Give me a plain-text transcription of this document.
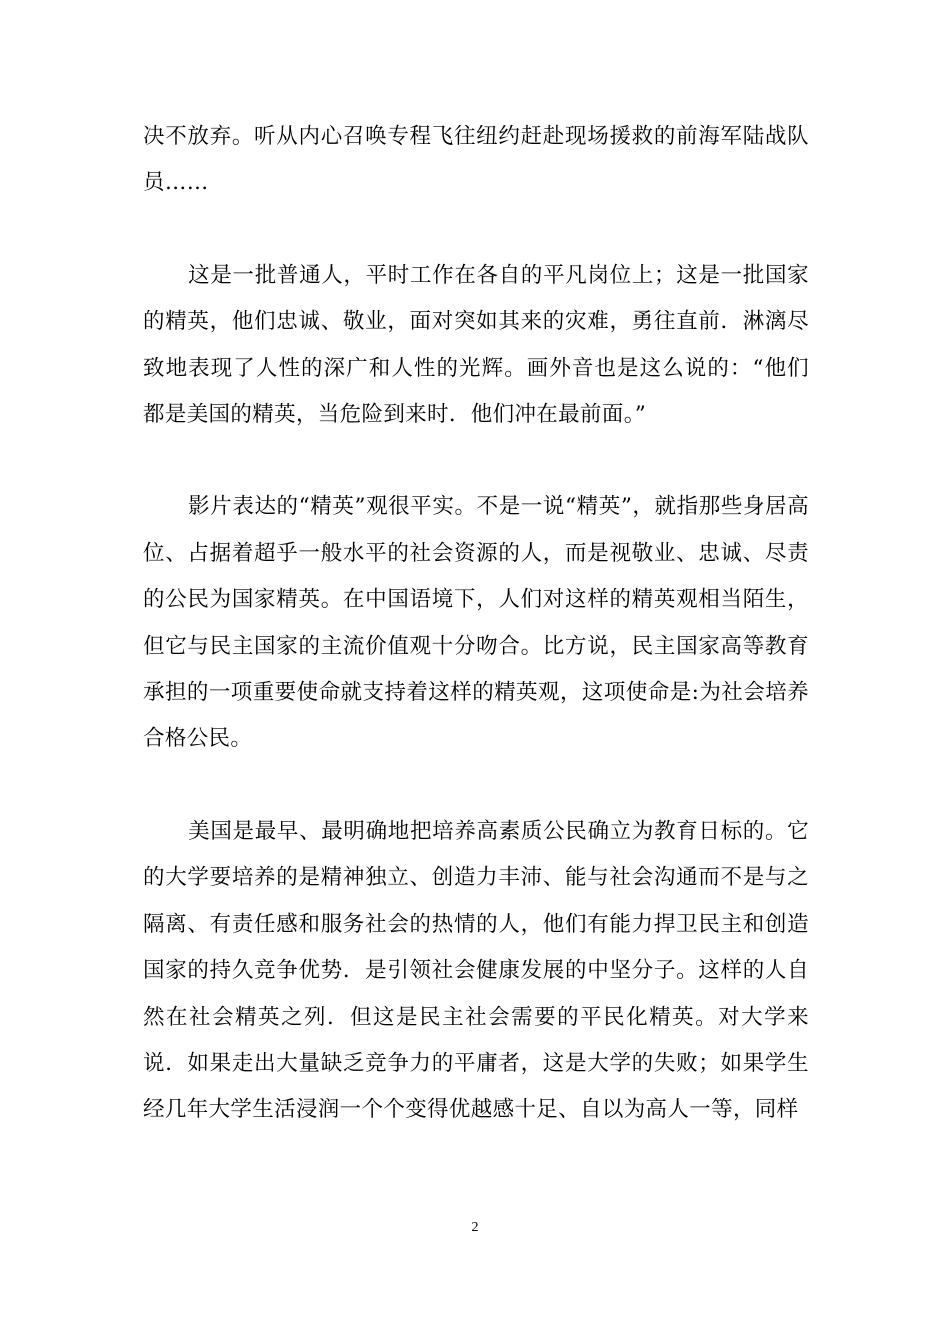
决不放弃。听从内心召唤专程飞往纽约赶赴现场援救的前海军陆战队员……

这是一批普通人，平时工作在各自的平凡岗位上；这是一批国家的精英，他们忠诚、敬业，面对突如其来的灾难，勇往直前．淋漓尽致地表现了人性的深广和人性的光辉。画外音也是这么说的：“他们都是美国的精英，当危险到来时．他们冲在最前面。”

影片表达的“精英”观很平实。不是一说“精英”，就指那些身居高位、占据着超乎一般水平的社会资源的人，而是视敬业、忠诚、尽责的公民为国家精英。在中国语境下，人们对这样的精英观相当陌生，但它与民主国家的主流价值观十分吻合。比方说，民主国家高等教育承担的一项重要使命就支持着这样的精英观，这项使命是:为社会培养合格公民。

美国是最早、最明确地把培养高素质公民确立为教育日标的。它的大学要培养的是精神独立、创造力丰沛、能与社会沟通而不是与之隔离、有责任感和服务社会的热情的人，他们有能力捍卫民主和创造国家的持久竞争优势．是引领社会健康发展的中坚分子。这样的人自然在社会精英之列．但这是民主社会需要的平民化精英。对大学来说．如果走出大量缺乏竞争力的平庸者，这是大学的失败；如果学生经几年大学生活浸润一个个变得优越感十足、自以为高人一等，同样

2
